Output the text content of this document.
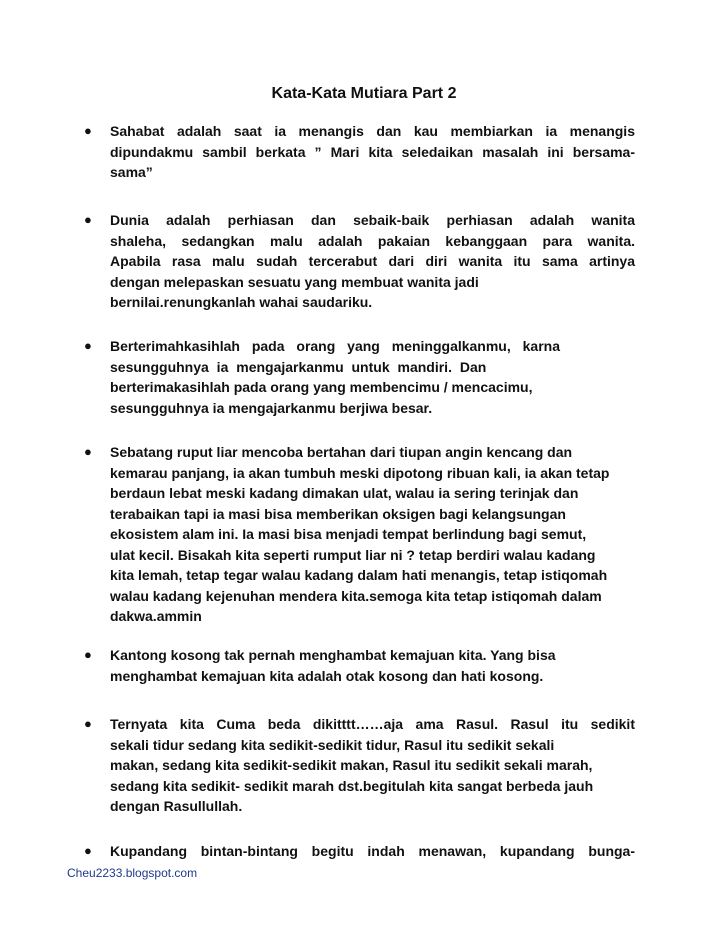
Kata-Kata Mutiara Part 2
● Sahabat adalah saat ia menangis dan kau membiarkan ia menangis
dipundakmu sambil berkata ” Mari kita seledaikan masalah ini bersama-
sama”
● Dunia adalah perhiasan dan sebaik-baik perhiasan adalah wanita
shaleha, sedangkan malu adalah pakaian kebanggaan para wanita.
Apabila rasa malu sudah tercerabut dari diri wanita itu sama artinya
dengan melepaskan sesuatu yang membuat wanita jadi
bernilai.renungkanlah wahai saudariku.
● Berterimahkasihlah pada orang yang meninggalkanmu, karna
sesungguhnya ia mengajarkanmu untuk mandiri. Dan
berterimakasihlah pada orang yang membencimu / mencacimu,
sesungguhnya ia mengajarkanmu berjiwa besar.
● Sebatang ruput liar mencoba bertahan dari tiupan angin kencang dan
kemarau panjang, ia akan tumbuh meski dipotong ribuan kali, ia akan tetap
berdaun lebat meski kadang dimakan ulat, walau ia sering terinjak dan
terabaikan tapi ia masi bisa memberikan oksigen bagi kelangsungan
ekosistem alam ini. Ia masi bisa menjadi tempat berlindung bagi semut,
ulat kecil. Bisakah kita seperti rumput liar ni ? tetap berdiri walau kadang
kita lemah, tetap tegar walau kadang dalam hati menangis, tetap istiqomah
walau kadang kejenuhan mendera kita.semoga kita tetap istiqomah dalam
dakwa.ammin
● Kantong kosong tak pernah menghambat kemajuan kita. Yang bisa
menghambat kemajuan kita adalah otak kosong dan hati kosong.
● Ternyata kita Cuma beda dikitttt……aja ama Rasul. Rasul itu sedikit
sekali tidur sedang kita sedikit-sedikit tidur, Rasul itu sedikit sekali
makan, sedang kita sedikit-sedikit makan, Rasul itu sedikit sekali marah,
sedang kita sedikit- sedikit marah dst.begitulah kita sangat berbeda jauh
dengan Rasullullah.
● Kupandang bintan-bintang begitu indah menawan, kupandang bunga-
Cheu2233.blogspot.com
